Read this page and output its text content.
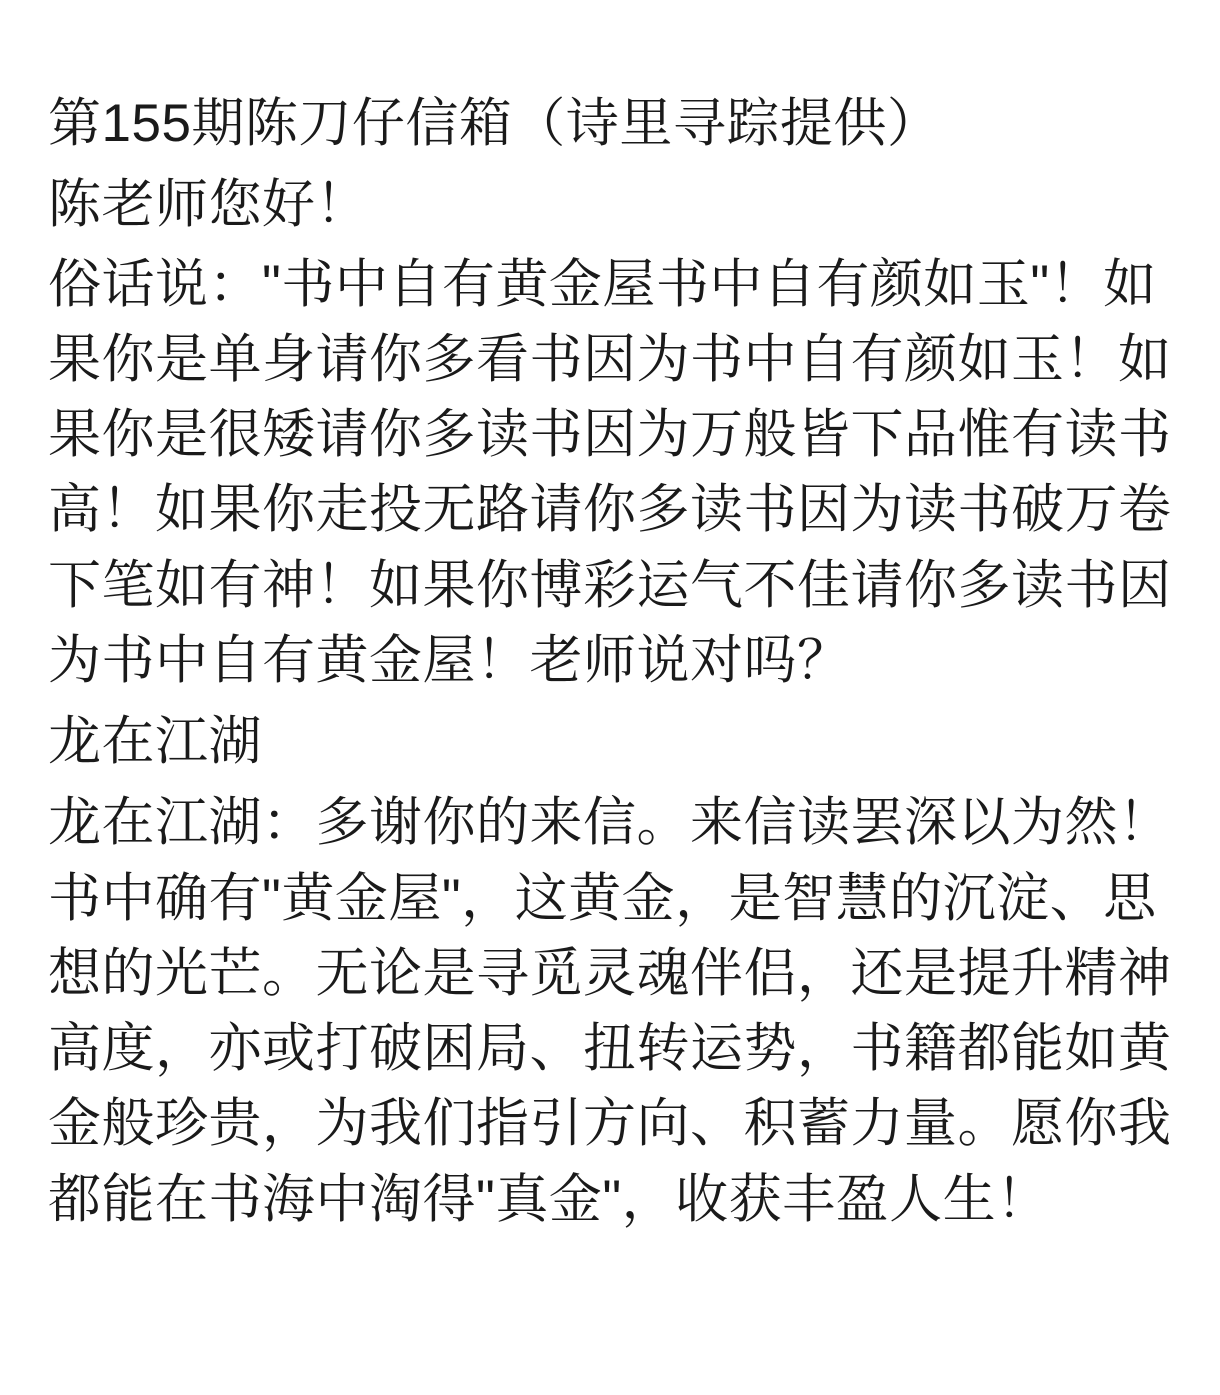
第155期陈刀仔信箱（诗里寻踪提供）

陈老师您好！

俗话说："书中自有黄金屋书中自有颜如玉"！如果你是单身请你多看书因为书中自有颜如玉！如果你是很矮请你多读书因为万般皆下品惟有读书高！如果你走投无路请你多读书因为读书破万卷下笔如有神！如果你博彩运气不佳请你多读书因为书中自有黄金屋！老师说对吗？

龙在江湖

龙在江湖：多谢你的来信。来信读罢深以为然！书中确有"黄金屋"，这黄金，是智慧的沉淀、思想的光芒。无论是寻觅灵魂伴侣，还是提升精神高度，亦或打破困局、扭转运势，书籍都能如黄金般珍贵，为我们指引方向、积蓄力量。愿你我都能在书海中淘得"真金"，收获丰盈人生！
